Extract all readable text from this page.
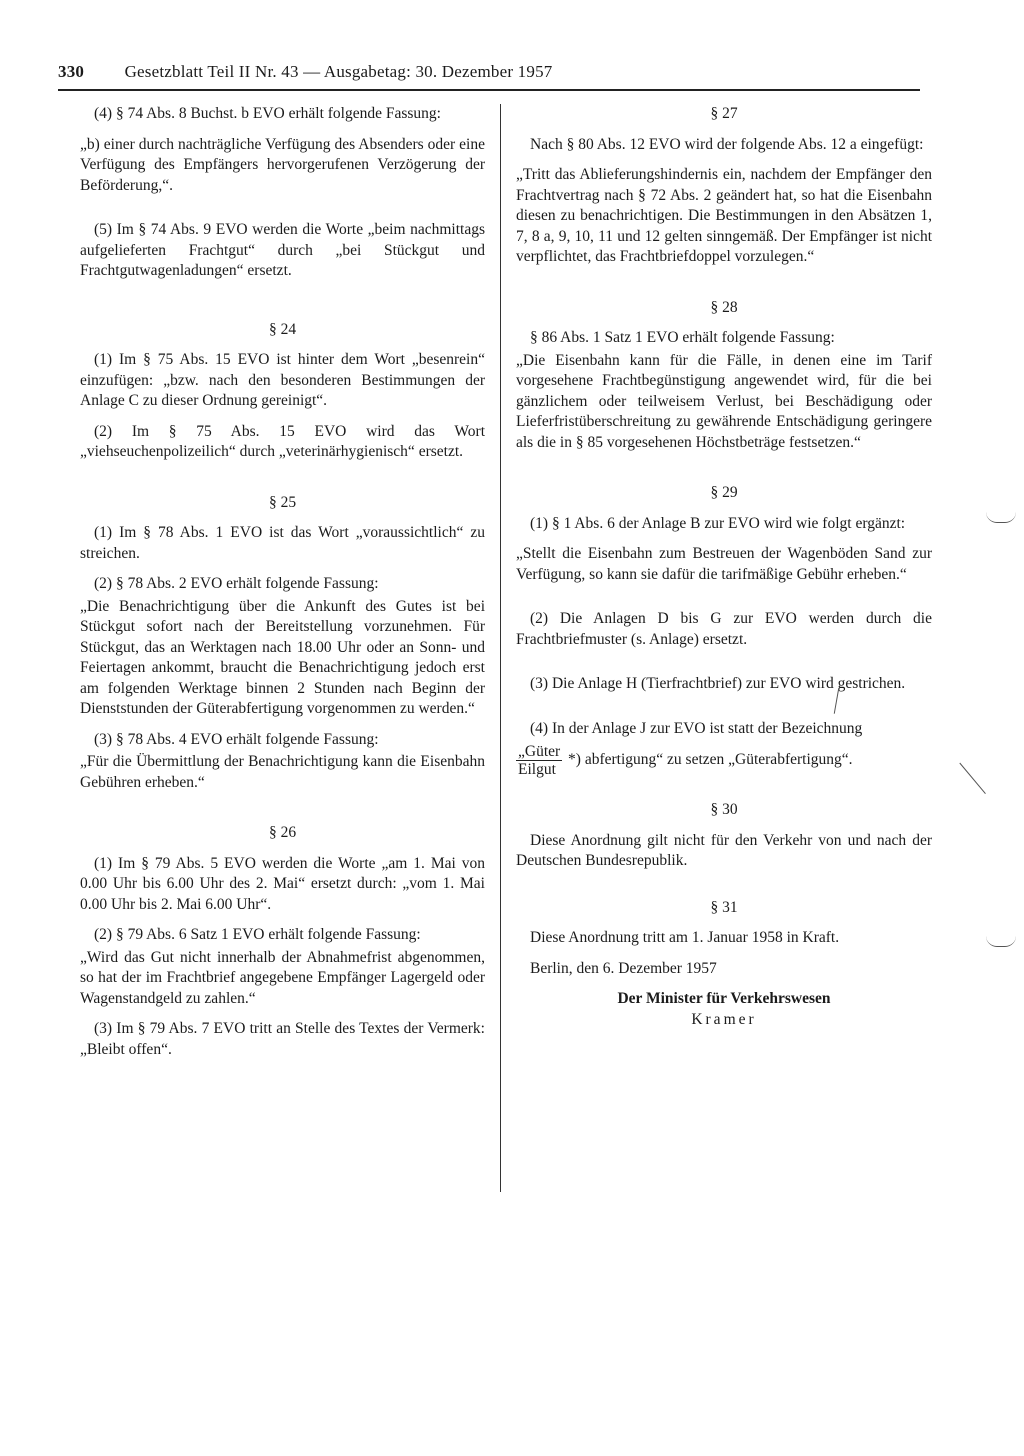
330 Gesetzblatt Teil II Nr. 43 — Ausgabetag: 30. Dezember 1957

(4) § 74 Abs. 8 Buchst. b EVO erhält folgende Fassung:

„b) einer durch nachträgliche Verfügung des Absenders oder eine Verfügung des Empfängers hervorgerufenen Verzögerung der Beförderung,“.

(5) Im § 74 Abs. 9 EVO werden die Worte „beim nachmittags aufgelieferten Frachtgut“ durch „bei Stückgut und Frachtgutwagenladungen“ ersetzt.

§ 24

(1) Im § 75 Abs. 15 EVO ist hinter dem Wort „besenrein“ einzufügen: „bzw. nach den besonderen Bestimmungen der Anlage C zu dieser Ordnung gereinigt“.

(2) Im § 75 Abs. 15 EVO wird das Wort „viehseuchenpolizeilich“ durch „veterinärhygienisch“ ersetzt.

§ 25

(1) Im § 78 Abs. 1 EVO ist das Wort „voraussichtlich“ zu streichen.

(2) § 78 Abs. 2 EVO erhält folgende Fassung:

„Die Benachrichtigung über die Ankunft des Gutes ist bei Stückgut sofort nach der Bereitstellung vorzunehmen. Für Stückgut, das an Werktagen nach 18.00 Uhr oder an Sonn- und Feiertagen ankommt, braucht die Benachrichtigung jedoch erst am folgenden Werktage binnen 2 Stunden nach Beginn der Dienststunden der Güterabfertigung vorgenommen zu werden.“

(3) § 78 Abs. 4 EVO erhält folgende Fassung:

„Für die Übermittlung der Benachrichtigung kann die Eisenbahn Gebühren erheben.“

§ 26

(1) Im § 79 Abs. 5 EVO werden die Worte „am 1. Mai von 0.00 Uhr bis 6.00 Uhr des 2. Mai“ ersetzt durch: „vom 1. Mai 0.00 Uhr bis 2. Mai 6.00 Uhr“.

(2) § 79 Abs. 6 Satz 1 EVO erhält folgende Fassung:

„Wird das Gut nicht innerhalb der Abnahmefrist abgenommen, so hat der im Frachtbrief angegebene Empfänger Lagergeld oder Wagenstandgeld zu zahlen.“

(3) Im § 79 Abs. 7 EVO tritt an Stelle des Textes der Vermerk: „Bleibt offen“.

§ 27

Nach § 80 Abs. 12 EVO wird der folgende Abs. 12 a eingefügt:

„Tritt das Ablieferungshindernis ein, nachdem der Empfänger den Frachtvertrag nach § 72 Abs. 2 geändert hat, so hat die Eisenbahn diesen zu benachrichtigen. Die Bestimmungen in den Absätzen 1, 7, 8 a, 9, 10, 11 und 12 gelten sinngemäß. Der Empfänger ist nicht verpflichtet, das Frachtbriefdoppel vorzulegen.“

§ 28

§ 86 Abs. 1 Satz 1 EVO erhält folgende Fassung:

„Die Eisenbahn kann für die Fälle, in denen eine im Tarif vorgesehene Frachtbegünstigung angewendet wird, für die bei gänzlichem oder teilweisem Verlust, bei Beschädigung oder Lieferfristüberschreitung zu gewährende Entschädigung geringere als die in § 85 vorgesehenen Höchstbeträge festsetzen.“

§ 29

(1) § 1 Abs. 6 der Anlage B zur EVO wird wie folgt ergänzt:

„Stellt die Eisenbahn zum Bestreuen der Wagenböden Sand zur Verfügung, so kann sie dafür die tarifmäßige Gebühr erheben.“

(2) Die Anlagen D bis G zur EVO werden durch die Frachtbriefmuster (s. Anlage) ersetzt.

(3) Die Anlage H (Tierfrachtbrief) zur EVO wird gestrichen.

(4) In der Anlage J zur EVO ist statt der Bezeichnung

$\frac{\text{„Güter}}{\text{Eilgut}}$ *) abfertigung“ zu setzen „Güterabfertigung“.

§ 30

Diese Anordnung gilt nicht für den Verkehr von und nach der Deutschen Bundesrepublik.

§ 31

Diese Anordnung tritt am 1. Januar 1958 in Kraft.

Berlin, den 6. Dezember 1957

Der Minister für Verkehrswesen
Kramer
